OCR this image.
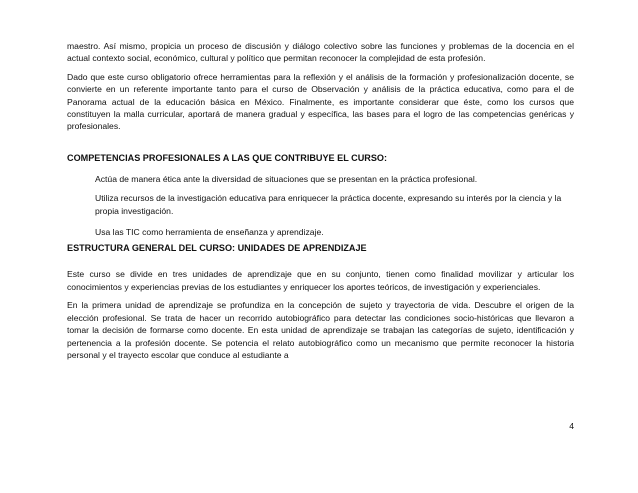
maestro. Así mismo, propicia un proceso de discusión y diálogo colectivo sobre las funciones y problemas de la docencia en el actual contexto social, económico, cultural y político que permitan reconocer la complejidad de esta profesión.

Dado que este curso obligatorio ofrece herramientas para la reflexión y el análisis de la formación y profesionalización docente, se convierte en un referente importante tanto para el curso de Observación y análisis de la práctica educativa, como para el de Panorama actual de la educación básica en México. Finalmente, es importante considerar que éste, como los cursos que constituyen la malla curricular, aportará de manera gradual y específica, las bases para el logro de las competencias genéricas y profesionales.

COMPETENCIAS PROFESIONALES A LAS QUE CONTRIBUYE EL CURSO:

Actúa de manera ética ante la diversidad de situaciones que se presentan en la práctica profesional.

Utiliza recursos de la investigación educativa para enriquecer la práctica docente, expresando su interés por la ciencia y la propia investigación.

Usa las TIC como herramienta de enseñanza y aprendizaje.

ESTRUCTURA GENERAL DEL CURSO: UNIDADES DE APRENDIZAJE

Este curso se divide en tres unidades de aprendizaje que en su conjunto, tienen como finalidad movilizar y articular los conocimientos y experiencias previas de los estudiantes y enriquecer los aportes teóricos, de investigación y experienciales.

En la primera unidad de aprendizaje se profundiza en la concepción de sujeto y trayectoria de vida. Descubre el origen de la elección profesional. Se trata de hacer un recorrido autobiográfico para detectar las condiciones socio-históricas que llevaron a tomar la decisión de formarse como docente. En esta unidad de aprendizaje se trabajan las categorías de sujeto, identificación y pertenencia a la profesión docente. Se potencia el relato autobiográfico como un mecanismo que permite reconocer la historia personal y el trayecto escolar que conduce al estudiante a

4
